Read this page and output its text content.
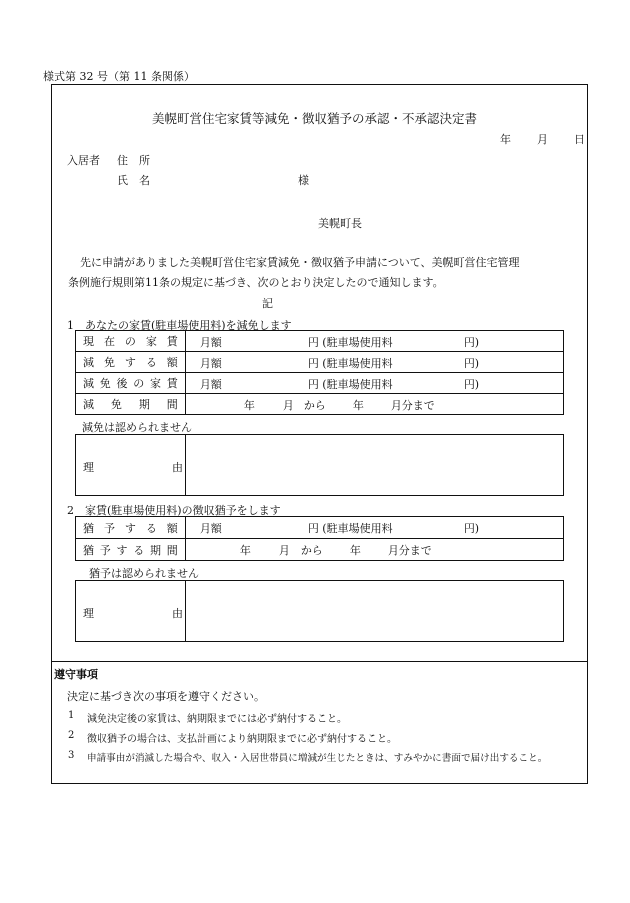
様式第 32 号（第 11 条関係）
美幌町営住宅家賃等減免・徴収猶予の承認・不承認決定書
年 月 日
入居者 住　所
氏　名	様
美幌町長
先に申請がありました美幌町営住宅家賃減免・徴収猶予申請について、美幌町営住宅管理
条例施行規則第11条の規定に基づき、次のとおり決定したので通知します。
記
1　あなたの家賃(駐車場使用料)を減免します
現在の家賃	月額 円 (駐車場使用料 円)

減免する額	月額 円 (駐車場使用料 円)

減免後の家賃	月額 円 (駐車場使用料 円)

減免期間	年 月 から 年 月分まで
減免は認められません
理	由
2　家賃(駐車場使用料)の徴収猶予をします
猶予する額	月額 円 (駐車場使用料 円)

猶予する期間	年 月 から 年 月分まで
猶予は認められません
理	由
遵守事項
決定に基づき次の事項を遵守ください。
1 減免決定後の家賃は、納期限までには必ず納付すること。
2 徴収猶予の場合は、支払計画により納期限までに必ず納付すること。
3 申請事由が消滅した場合や、収入・入居世帯員に増減が生じたときは、すみやかに書面で届け出すること。
